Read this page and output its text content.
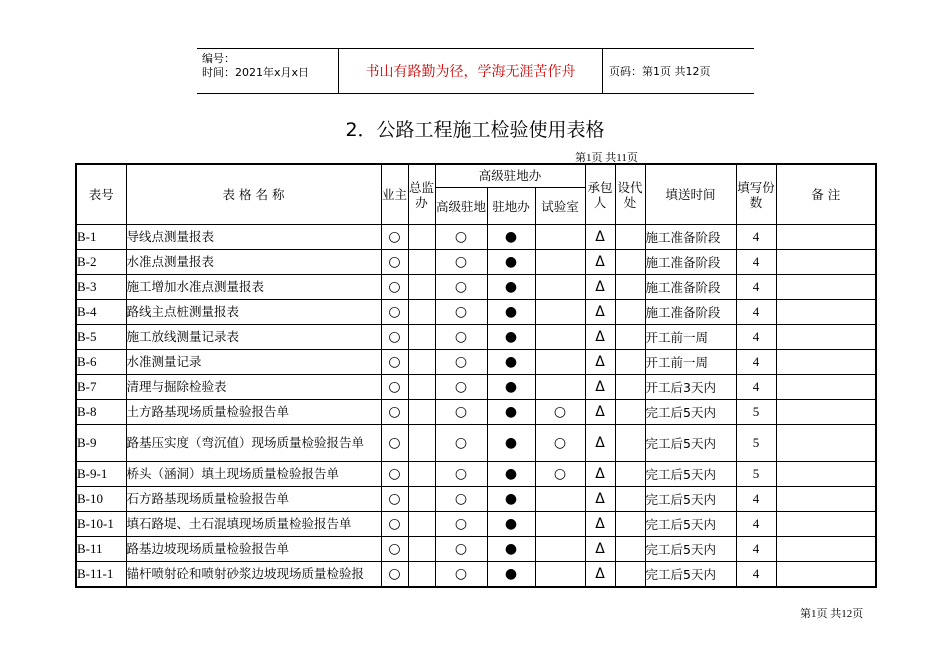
编号：
时间：2021年x月x日	书山有路勤为径，学海无涯苦作舟	页码：第1页 共12页
2．公路工程施工检验使用表格
第1页 共11页
表号	表 格 名 称	业主	总监办	高级驻地办			承包人	设代处	填送时间	填写份数	备 注
				高级驻地	驻地办	试验室					
B-1	导线点测量报表	○		○	●		Δ		施工准备阶段	4	
B-2	水准点测量报表	○		○	●		Δ		施工准备阶段	4	
B-3	施工增加水准点测量报表	○		○	●		Δ		施工准备阶段	4	
B-4	路线主点桩测量报表	○		○	●		Δ		施工准备阶段	4	
B-5	施工放线测量记录表	○		○	●		Δ		开工前一周	4	
B-6	水准测量记录	○		○	●		Δ		开工前一周	4	
B-7	清理与掘除检验表	○		○	●		Δ		开工后3天内	4	
B-8	土方路基现场质量检验报告单	○		○	●	○	Δ		完工后5天内	5	
B-9	路基压实度（弯沉值）现场质量检验报告单	○		○	●	○	Δ		完工后5天内	5	
B-9-1	桥头（涵洞）填土现场质量检验报告单	○		○	●	○	Δ		完工后5天内	5	
B-10	石方路基现场质量检验报告单	○		○	●		Δ		完工后5天内	4	
B-10-1	填石路堤、土石混填现场质量检验报告单	○		○	●		Δ		完工后5天内	4	
B-11	路基边坡现场质量检验报告单	○		○	●		Δ		完工后5天内	4	
B-11-1	锚杆喷射砼和喷射砂浆边坡现场质量检验报	○		○	●		Δ		完工后5天内	4	
第1页 共12页
